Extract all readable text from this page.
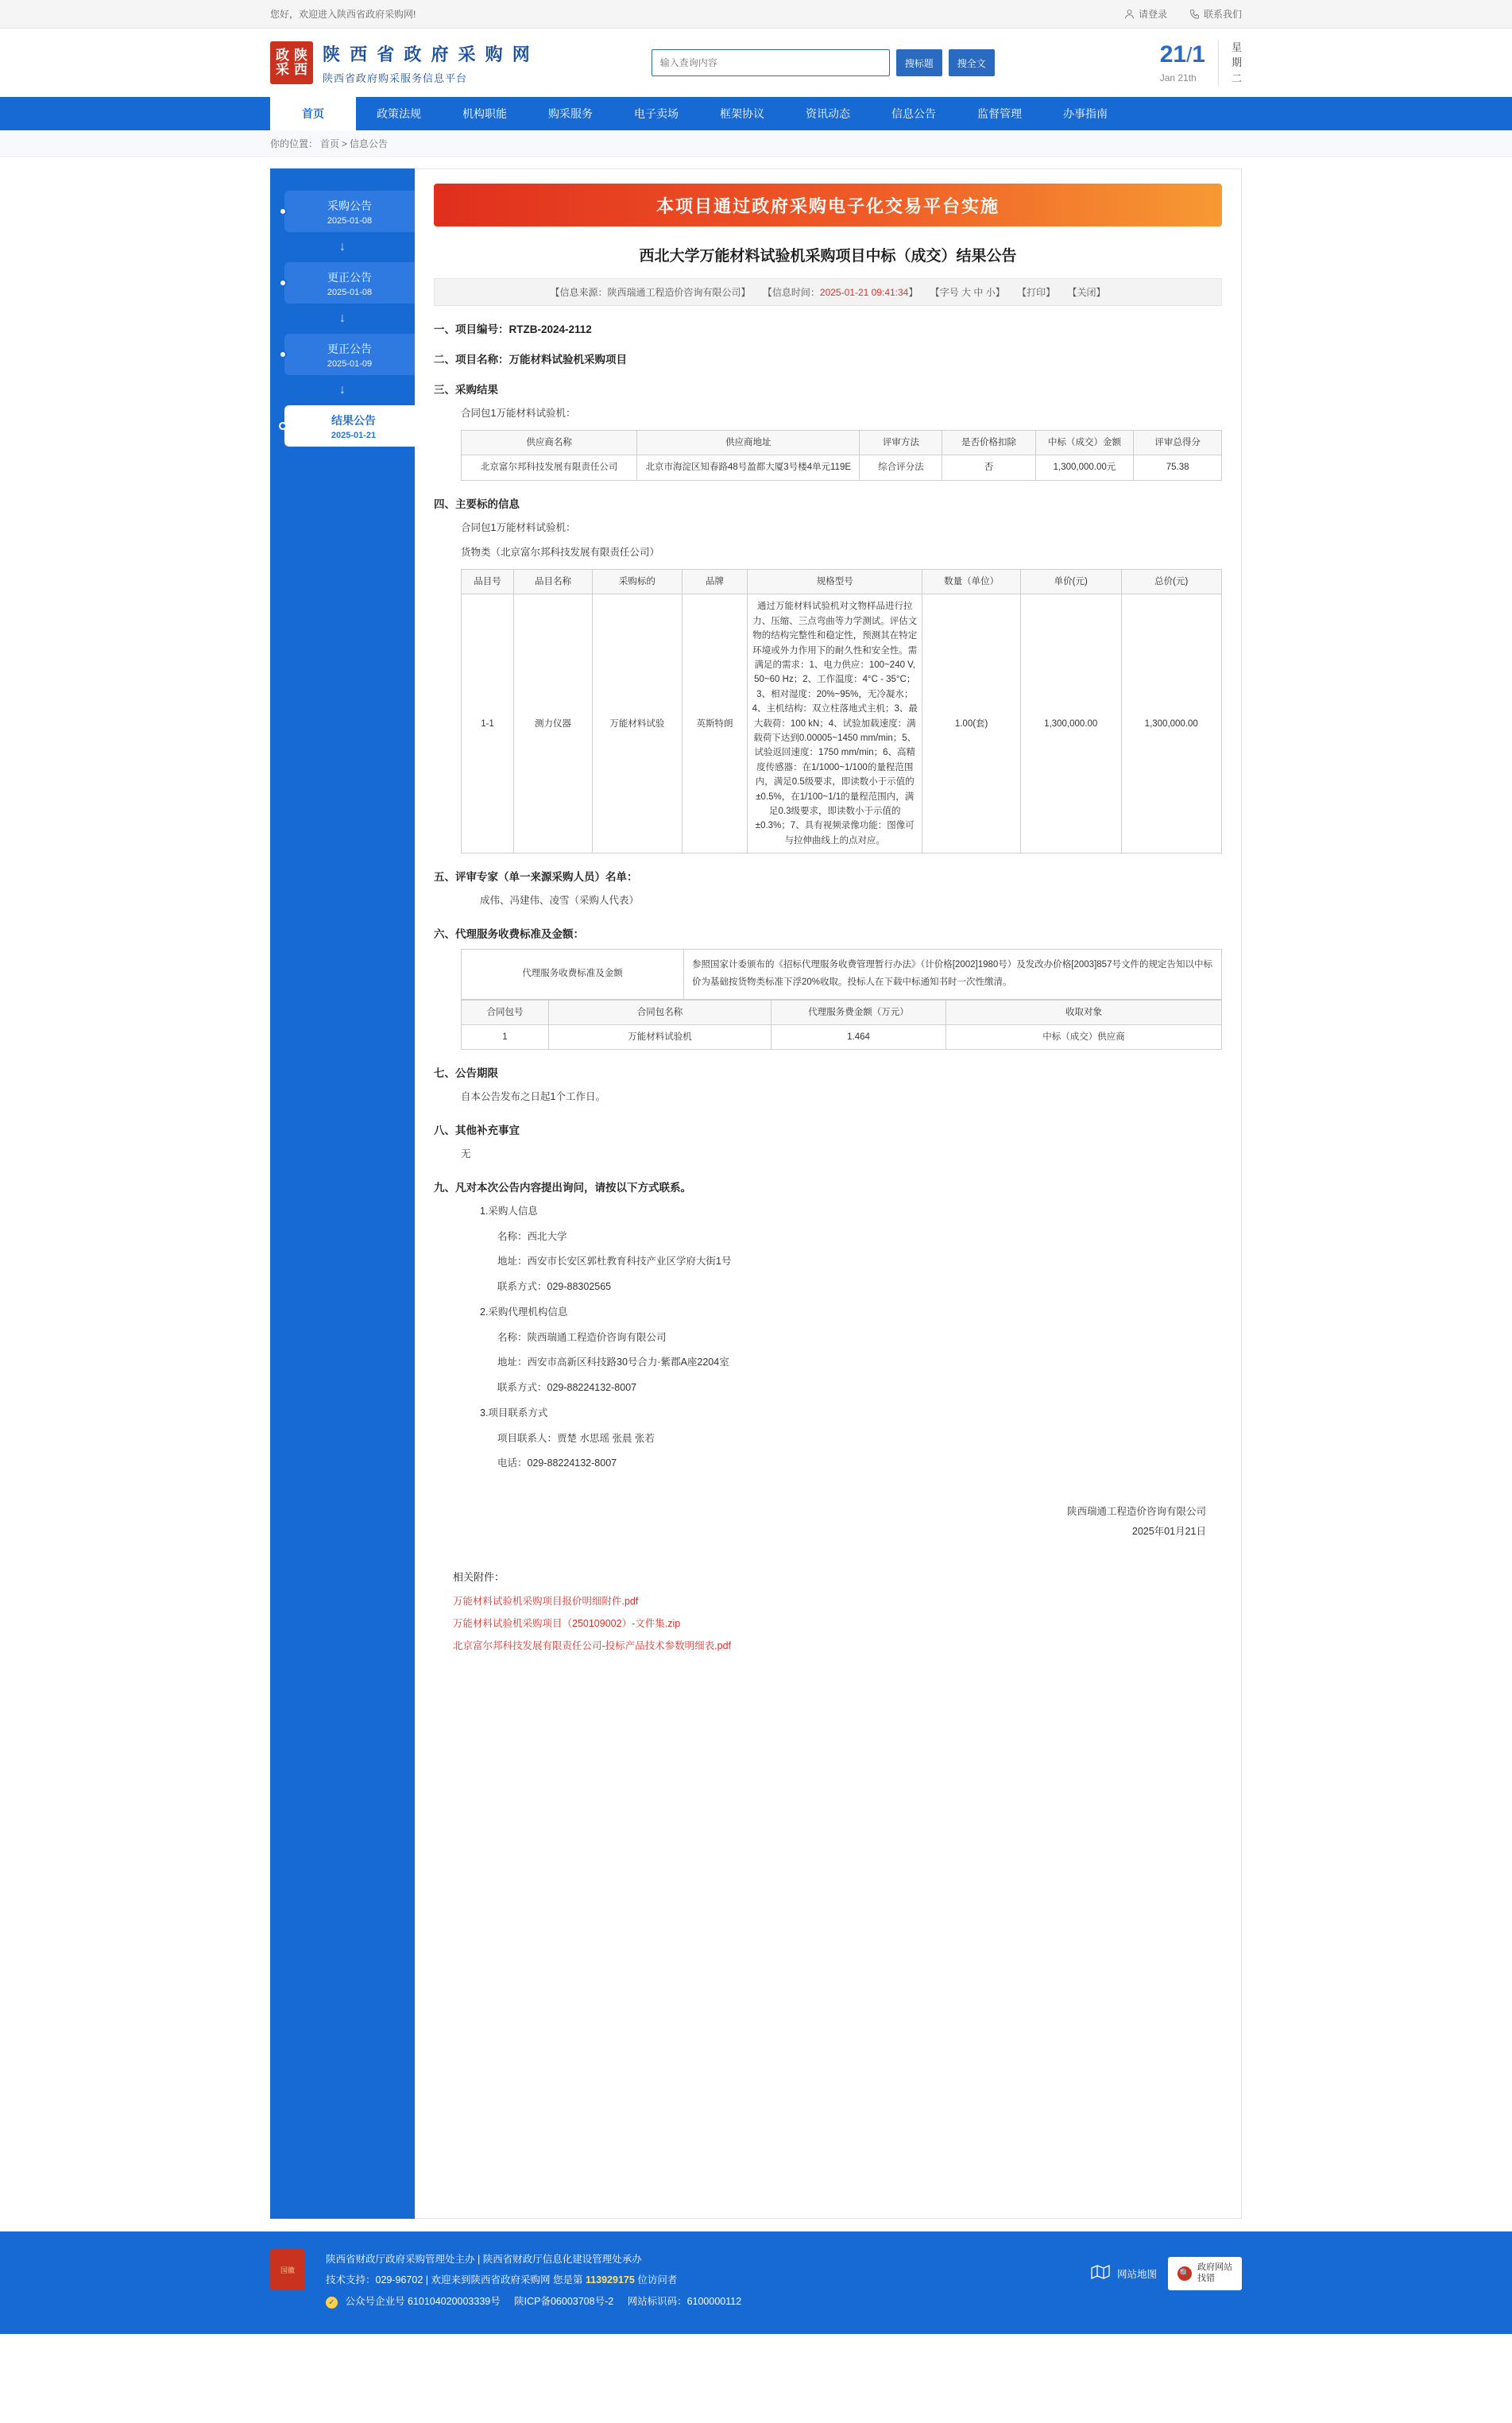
您好，欢迎进入陕西省政府采购网!	请登录	联系我们
政 陕
采 西
陕 西 省 政 府 采 购 网
陕西省政府购采服务信息平台
输入查询内容
搜标题	搜全文	21/1
Jan 21th
星
期
二
首页	政策法规	机构职能	购采服务	电子卖场	框架协议	资讯动态	信息公告	监督管理	办事指南
你的位置： 首页 > 信息公告
采购公告
2025-01-08
↓
更正公告
2025-01-08
↓
更正公告
2025-01-09
↓
结果公告
2025-01-21
本项目通过政府采购电子化交易平台实施
西北大学万能材料试验机采购项目中标（成交）结果公告
【信息来源：陕西瑞通工程造价咨询有限公司】 【信息时间：2025-01-21 09:41:34】 【字号 大 中 小】 【打印】 【关闭】
一、项目编号：RTZB-2024-2112
二、项目名称：万能材料试验机采购项目
三、采购结果
合同包1万能材料试验机：
供应商名称	供应商地址	评审方法	是否价格扣除	中标（成交）金额	评审总得分
北京富尔邦科技发展有限责任公司	北京市海淀区知春路48号盈都大厦3号楼4单元119E	综合评分法	否	1,300,000.00元	75.38
四、主要标的信息
合同包1万能材料试验机：
货物类（北京富尔邦科技发展有限责任公司）
品目号	品目名称	采购标的	品牌	规格型号	数量（单位）	单价(元)	总价(元)
1-1	测力仪器	万能材料试验	英斯特朗	通过万能材料试验机对文物样品进行拉力、压缩、三点弯曲等力学测试。评估文物的结构完整性和稳定性，预测其在特定环境或外力作用下的耐久性和安全性。需满足的需求：1、电力供应：100~240 V, 50~60 Hz；2、工作温度：4°C - 35°C；3、相对湿度：20%~95%，无冷凝水；4、主机结构：双立柱落地式主机；3、最大载荷：100 kN；4、试验加载速度：满载荷下达到0.00005~1450 mm/min；5、试验返回速度：1750 mm/min；6、高精度传感器：在1/1000~1/100的量程范围内，满足0.5级要求，即读数小于示值的±0.5%，在1/100~1/1的量程范围内，满足0.3级要求，即读数小于示值的±0.3%；7、具有视频录像功能：图像可与拉伸曲线上的点对应。	1.00(套)	1,300,000.00	1,300,000.00
五、评审专家（单一来源采购人员）名单：
成伟、冯建伟、凌雪（采购人代表）
六、代理服务收费标准及金额：
代理服务收费标准及金额	参照国家计委颁布的《招标代理服务收费管理暂行办法》（计价格[2002]1980号）及发改办价格[2003]857号文件的规定告知以中标价为基础按货物类标准下浮20%收取。投标人在下载中标通知书时一次性缴清。
合同包号	合同包名称	代理服务费金额（万元）	收取对象
1	万能材料试验机	1.464	中标（成交）供应商
七、公告期限
自本公告发布之日起1个工作日。
八、其他补充事宜
无
九、凡对本次公告内容提出询问，请按以下方式联系。
1.采购人信息
名称：西北大学
地址：西安市长安区郭杜教育科技产业区学府大街1号
联系方式：029-88302565
2.采购代理机构信息
名称：陕西瑞通工程造价咨询有限公司
地址：西安市高新区科技路30号合力·紫郡A座2204室
联系方式：029-88224132-8007
3.项目联系方式
项目联系人：贾楚 水思瑶 张晨 张若
电话：029-88224132-8007
陕西瑞通工程造价咨询有限公司
2025年01月21日
相关附件：
万能材料试验机采购项目报价明细附件.pdf
万能材料试验机采购项目（250109002）-文件集.zip
北京富尔邦科技发展有限责任公司-投标产品技术参数明细表.pdf
国徽
陕西省财政厅政府采购管理处主办 | 陕西省财政厅信息化建设管理处承办
技术支持：029-96702 | 欢迎来到陕西省政府采购网 您是第 113929175 位访问者
✓ 公众号企业号 610104020003339号 陕ICP备06003708号-2 网站标识码：6100000112
网站地图	🔍
政府网站
找错
